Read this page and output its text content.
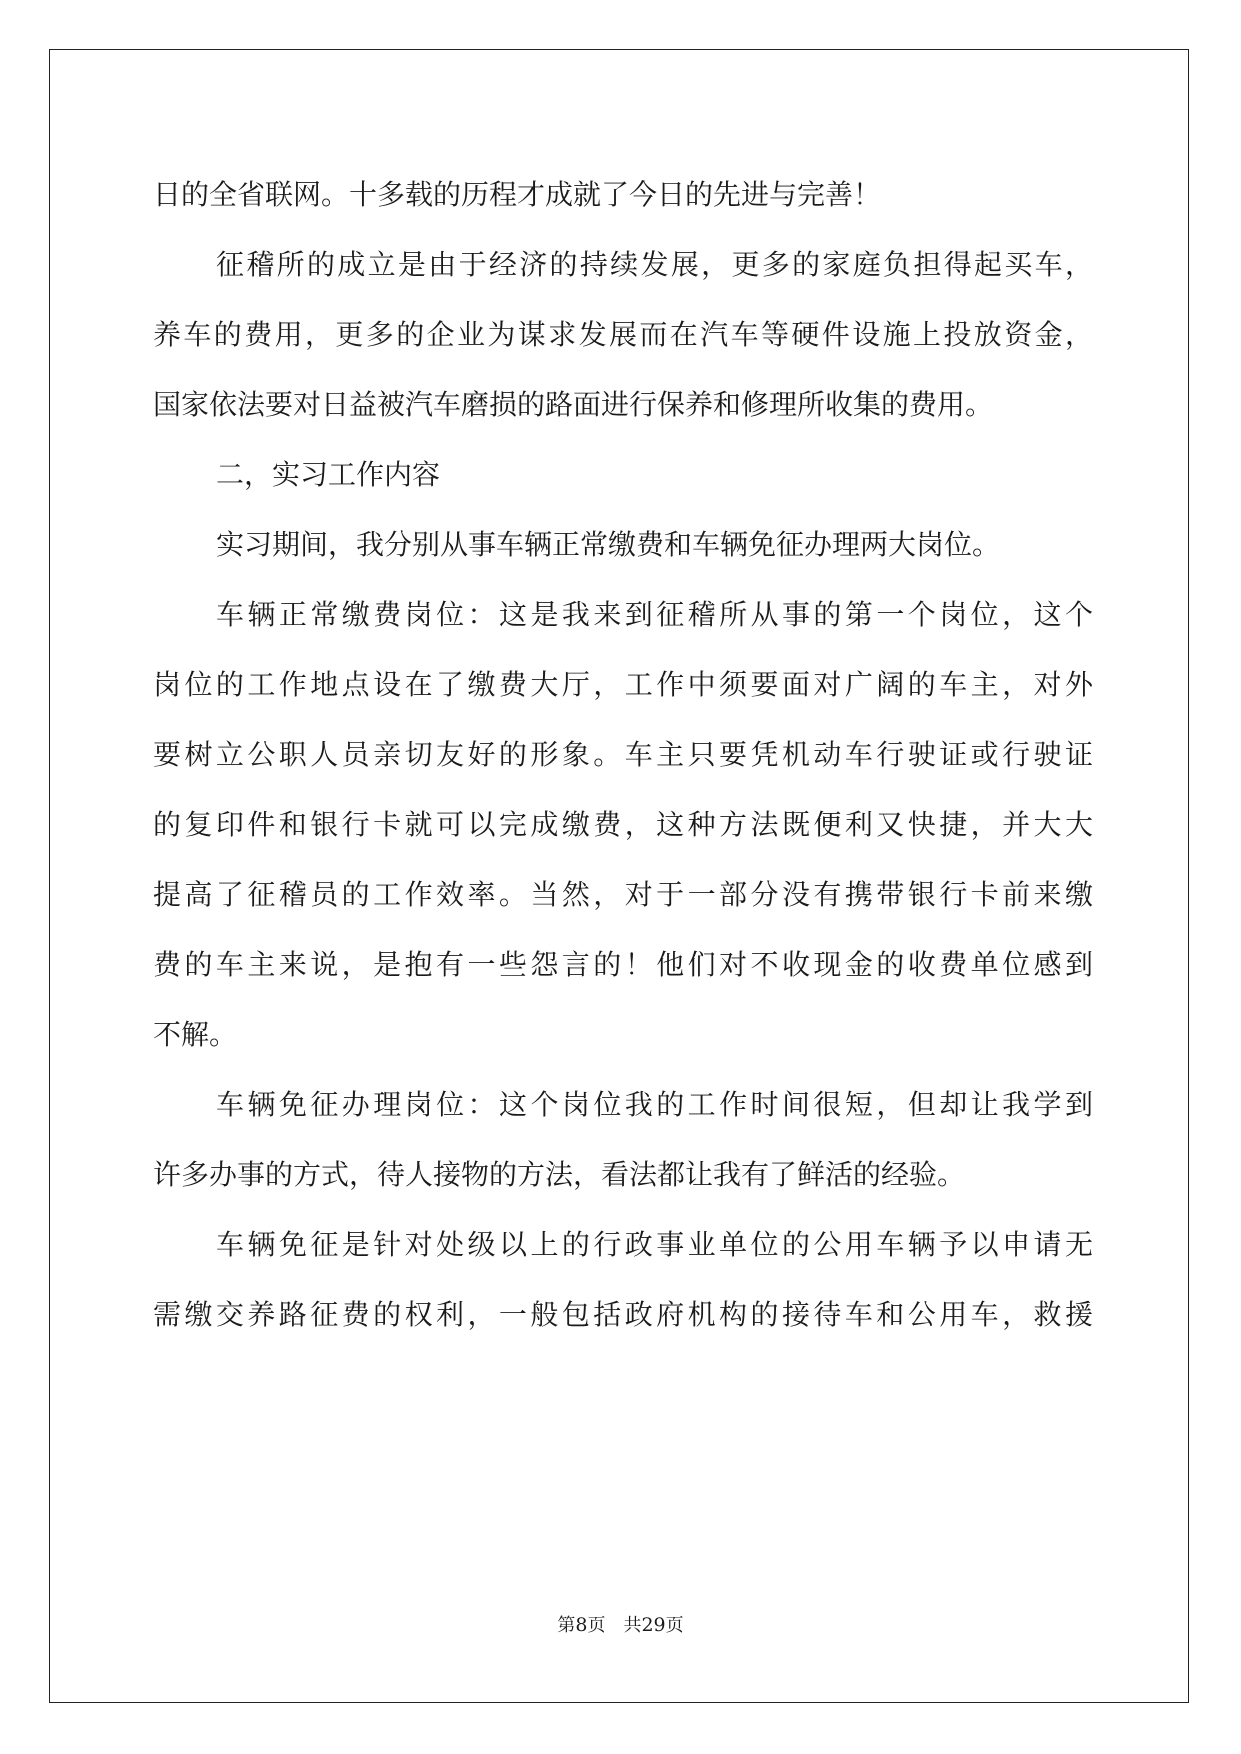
日的全省联网。十多载的历程才成就了今日的先进与完善！
征稽所的成立是由于经济的持续发展，更多的家庭负担得起买车，
养车的费用，更多的企业为谋求发展而在汽车等硬件设施上投放资金，
国家依法要对日益被汽车磨损的路面进行保养和修理所收集的费用。
二，实习工作内容
实习期间，我分别从事车辆正常缴费和车辆免征办理两大岗位。
车辆正常缴费岗位：这是我来到征稽所从事的第一个岗位，这个
岗位的工作地点设在了缴费大厅，工作中须要面对广阔的车主，对外
要树立公职人员亲切友好的形象。车主只要凭机动车行驶证或行驶证
的复印件和银行卡就可以完成缴费，这种方法既便利又快捷，并大大
提高了征稽员的工作效率。当然，对于一部分没有携带银行卡前来缴
费的车主来说，是抱有一些怨言的！他们对不收现金的收费单位感到
不解。
车辆免征办理岗位：这个岗位我的工作时间很短，但却让我学到
许多办事的方式，待人接物的方法，看法都让我有了鲜活的经验。
车辆免征是针对处级以上的行政事业单位的公用车辆予以申请无
需缴交养路征费的权利，一般包括政府机构的接待车和公用车，救援
第8页 共29页
